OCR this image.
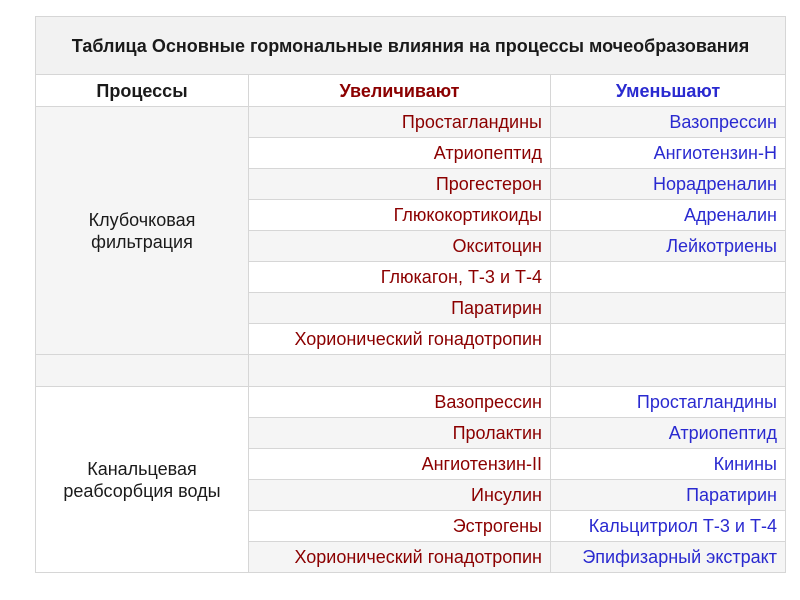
Таблица Основные гормональные влияния на процессы мочеобразования		
Процессы	Увеличивают	Уменьшают
Клубочковая
фильтрация	Простагландины	Вазопрессин
	Атриопептид	Ангиотензин-Н
	Прогестерон	Норадреналин
	Глюкокортикоиды	Адреналин
	Окситоцин	Лейкотриены
	Глюкагон, Т-3 и Т-4	
	Паратирин	
	Хорионический гонадотропин	

Канальцевая
реабсорбция воды	Вазопрессин	Простагландины
	Пролактин	Атриопептид
	Ангиотензин-II	Кинины
	Инсулин	Паратирин
	Эстрогены	Кальцитриол Т-3 и Т-4
	Хорионический гонадотропин	Эпифизарный экстракт
